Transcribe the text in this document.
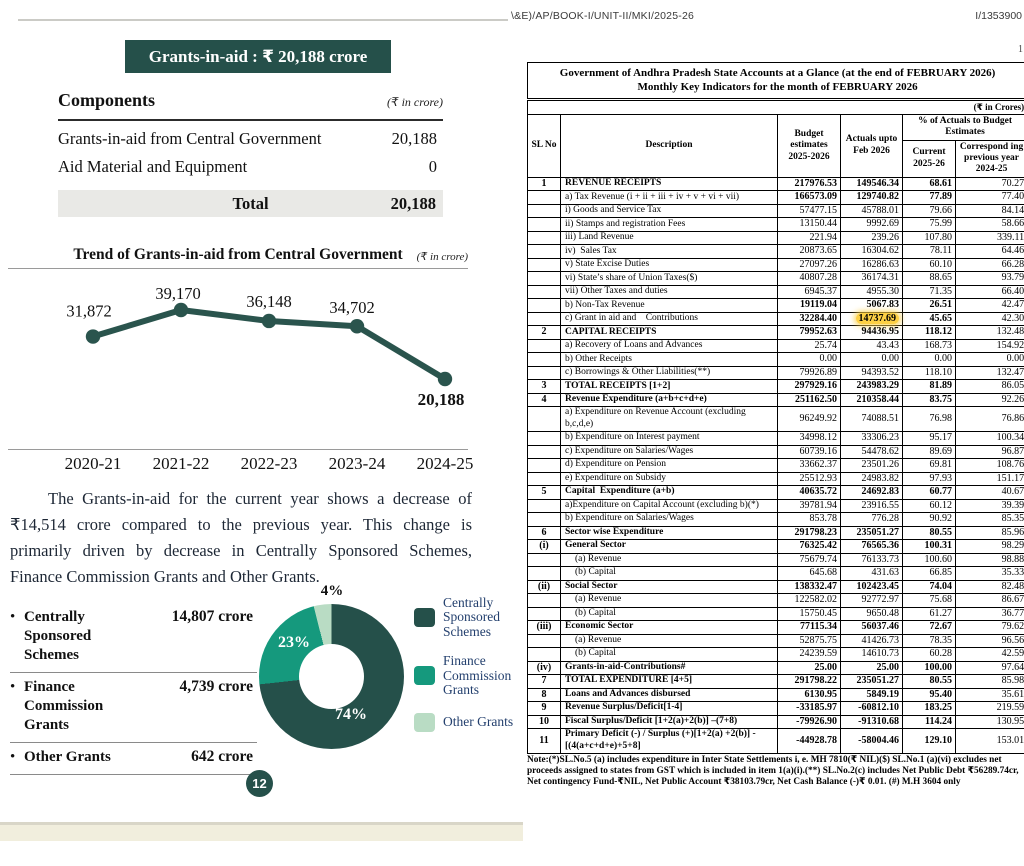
Grants-in-aid : ₹ 20,188 crore
Components	(₹ in crore)
Grants-in-aid from Central Government	20,188
Aid Material and Equipment	0
Total	20,188
Trend of Grants-in-aid from Central Government (₹ in crore)
31,872
39,170	36,148 34,702
20,188
2020-21	2021-22	2022-23	2023-24	2024-25

The Grants-in-aid for the current year shows a decrease of ₹14,514 crore compared to the previous year. This change is primarily driven by decrease in Centrally Sponsored Schemes, Finance Commission Grants and Other Grants.

• Centrally Sponsored Schemes
14,807 crore
• Finance Commission Grants
4,739 crore
• Other Grants	642 crore
4%
74%
23%
Centrally Sponsored Schemes
Finance Commission Grants
Other Grants
12
\&E)/AP/BOOK-I/UNIT-II/MKI/2025-26	I/1353900
1
Government of Andhra Pradesh State Accounts at a Glance (at the end of FEBRUARY 2026)
Monthly Key Indicators for the month of FEBRUARY 2026					

(₹ in Crores)					
SL No	Description	Budget estimates 2025-2026	Actuals upto Feb 2026	% of Actuals to Budget Estimates	
				Current 2025-26	Correspond ing previous year 2024-25
1	REVENUE RECEIPTS	217976.53	149546.34	68.61	70.27
	a) Tax Revenue (i + ii + iii + iv + v + vi + vii)	166573.09	129740.82	77.89	77.40
	i) Goods and Service Tax	57477.15	45788.01	79.66	84.14
	ii) Stamps and registration Fees	13150.44	9992.69	75.99	58.66
	iii) Land Revenue	221.94	239.26	107.80	339.11
	iv)  Sales Tax	20873.65	16304.62	78.11	64.46
	v) State Excise Duties	27097.26	16286.63	60.10	66.28
	vi) State’s share of Union Taxes($)	40807.28	36174.31	88.65	93.79
	vii) Other Taxes and duties	6945.37	4955.30	71.35	66.40
	b) Non-Tax Revenue	19119.04	5067.83	26.51	42.47
	c) Grant in aid and    Contributions	32284.40	14737.69	45.65	42.30
2	CAPITAL RECEIPTS	79952.63	94436.95	118.12	132.48
	a) Recovery of Loans and Advances	25.74	43.43	168.73	154.92
	b) Other Receipts	0.00	0.00	0.00	0.00
	c) Borrowings & Other Liabilities(**)	79926.89	94393.52	118.10	132.47
3	TOTAL RECEIPTS [1+2]	297929.16	243983.29	81.89	86.05
4	Revenue Expenditure (a+b+c+d+e)	251162.50	210358.44	83.75	92.26
	a) Expenditure on Revenue Account (excluding b,c,d,e)	96249.92	74088.51	76.98	76.86
	b) Expenditure on Interest payment	34998.12	33306.23	95.17	100.34
	c) Expenditure on Salaries/Wages	60739.16	54478.62	89.69	96.87
	d) Expenditure on Pension	33662.37	23501.26	69.81	108.76
	e) Expenditure on Subsidy	25512.93	24983.82	97.93	151.17
5	Capital  Expenditure (a+b)	40635.72	24692.83	60.77	40.67
	a)Expenditure on Capital Account (excluding b)(*)	39781.94	23916.55	60.12	39.39
	b) Expenditure on Salaries/Wages	853.78	776.28	90.92	85.35
6	Sector wise Expenditure	291798.23	235051.27	80.55	85.96
(i)	General Sector	76325.42	76565.36	100.31	98.29
	(a) Revenue	75679.74	76133.73	100.60	98.88
	(b) Capital	645.68	431.63	66.85	35.33
(ii)	Social Sector	138332.47	102423.45	74.04	82.48
	(a) Revenue	122582.02	92772.97	75.68	86.67
	(b) Capital	15750.45	9650.48	61.27	36.77
(iii)	Economic Sector	77115.34	56037.46	72.67	79.62
	(a) Revenue	52875.75	41426.73	78.35	96.56
	(b) Capital	24239.59	14610.73	60.28	42.59
(iv)	Grants-in-aid-Contributions#	25.00	25.00	100.00	97.64
7	TOTAL EXPENDITURE [4+5]	291798.22	235051.27	80.55	85.98
8	Loans and Advances disbursed	6130.95	5849.19	95.40	35.61
9	Revenue Surplus/Deficit[1-4]	-33185.97	-60812.10	183.25	219.59
10	Fiscal Surplus/Deficit [1+2(a)+2(b)] –(7+8)	-79926.90	-91310.68	114.24	130.95
11	Primary Deficit (-) / Surplus (+)[1+2(a) +2(b)] - [(4(a+c+d+e)+5+8]	-44928.78	-58004.46	129.10	153.01
Note:(*)SL.No.5 (a) includes expenditure in Inter State Settlements i, e. MH 7810(₹ NIL)($) SL.No.1 (a)(vi) excludes net proceeds assigned to states from GST which is included in item 1(a)(i).(**) SL.No.2(c) includes Net Public Debt ₹56289.74cr, Net contingency Fund-₹NIL, Net Public Account ₹38103.79cr, Net Cash Balance (-)₹ 0.01. (#) M.H 3604 only
